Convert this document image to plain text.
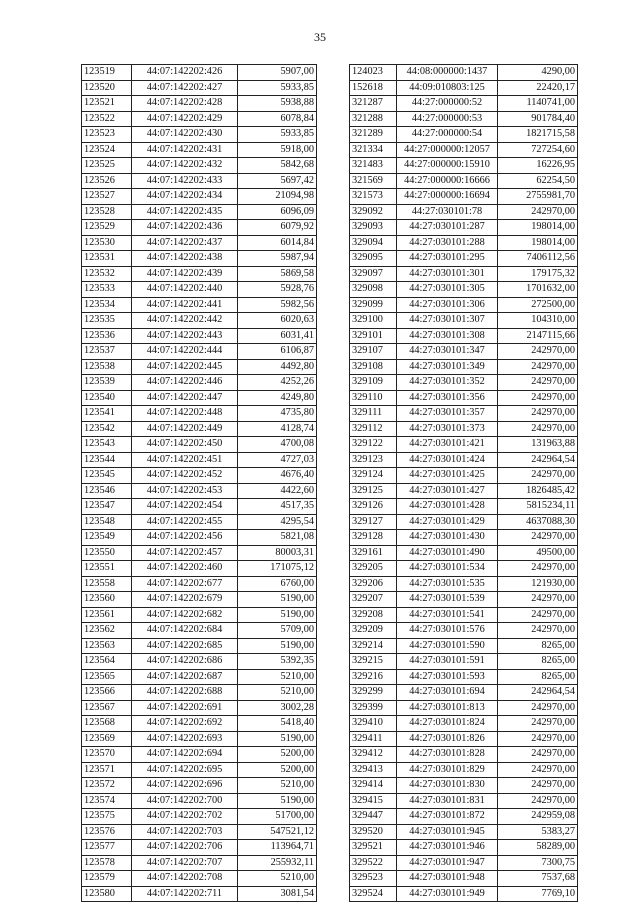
35
123519	44:07:142202:426	5907,00
123520	44:07:142202:427	5933,85
123521	44:07:142202:428	5938,88
123522	44:07:142202:429	6078,84
123523	44:07:142202:430	5933,85
123524	44:07:142202:431	5918,00
123525	44:07:142202:432	5842,68
123526	44:07:142202:433	5697,42
123527	44:07:142202:434	21094,98
123528	44:07:142202:435	6096,09
123529	44:07:142202:436	6079,92
123530	44:07:142202:437	6014,84
123531	44:07:142202:438	5987,94
123532	44:07:142202:439	5869,58
123533	44:07:142202:440	5928,76
123534	44:07:142202:441	5982,56
123535	44:07:142202:442	6020,63
123536	44:07:142202:443	6031,41
123537	44:07:142202:444	6106,87
123538	44:07:142202:445	4492,80
123539	44:07:142202:446	4252,26
123540	44:07:142202:447	4249,80
123541	44:07:142202:448	4735,80
123542	44:07:142202:449	4128,74
123543	44:07:142202:450	4700,08
123544	44:07:142202:451	4727,03
123545	44:07:142202:452	4676,40
123546	44:07:142202:453	4422,60
123547	44:07:142202:454	4517,35
123548	44:07:142202:455	4295,54
123549	44:07:142202:456	5821,08
123550	44:07:142202:457	80003,31
123551	44:07:142202:460	171075,12
123558	44:07:142202:677	6760,00
123560	44:07:142202:679	5190,00
123561	44:07:142202:682	5190,00
123562	44:07:142202:684	5709,00
123563	44:07:142202:685	5190,00
123564	44:07:142202:686	5392,35
123565	44:07:142202:687	5210,00
123566	44:07:142202:688	5210,00
123567	44:07:142202:691	3002,28
123568	44:07:142202:692	5418,40
123569	44:07:142202:693	5190,00
123570	44:07:142202:694	5200,00
123571	44:07:142202:695	5200,00
123572	44:07:142202:696	5210,00
123574	44:07:142202:700	5190,00
123575	44:07:142202:702	51700,00
123576	44:07:142202:703	547521,12
123577	44:07:142202:706	113964,71
123578	44:07:142202:707	255932,11
123579	44:07:142202:708	5210,00
123580	44:07:142202:711	3081,54
124023	44:08:000000:1437	4290,00
152618	44:09:010803:125	22420,17
321287	44:27:000000:52	1140741,00
321288	44:27:000000:53	901784,40
321289	44:27:000000:54	1821715,58
321334	44:27:000000:12057	727254,60
321483	44:27:000000:15910	16226,95
321569	44:27:000000:16666	62254,50
321573	44:27:000000:16694	2755981,70
329092	44:27:030101:78	242970,00
329093	44:27:030101:287	198014,00
329094	44:27:030101:288	198014,00
329095	44:27:030101:295	7406112,56
329097	44:27:030101:301	179175,32
329098	44:27:030101:305	1701632,00
329099	44:27:030101:306	272500,00
329100	44:27:030101:307	104310,00
329101	44:27:030101:308	2147115,66
329107	44:27:030101:347	242970,00
329108	44:27:030101:349	242970,00
329109	44:27:030101:352	242970,00
329110	44:27:030101:356	242970,00
329111	44:27:030101:357	242970,00
329112	44:27:030101:373	242970,00
329122	44:27:030101:421	131963,88
329123	44:27:030101:424	242964,54
329124	44:27:030101:425	242970,00
329125	44:27:030101:427	1826485,42
329126	44:27:030101:428	5815234,11
329127	44:27:030101:429	4637088,30
329128	44:27:030101:430	242970,00
329161	44:27:030101:490	49500,00
329205	44:27:030101:534	242970,00
329206	44:27:030101:535	121930,00
329207	44:27:030101:539	242970,00
329208	44:27:030101:541	242970,00
329209	44:27:030101:576	242970,00
329214	44:27:030101:590	8265,00
329215	44:27:030101:591	8265,00
329216	44:27:030101:593	8265,00
329299	44:27:030101:694	242964,54
329399	44:27:030101:813	242970,00
329410	44:27:030101:824	242970,00
329411	44:27:030101:826	242970,00
329412	44:27:030101:828	242970,00
329413	44:27:030101:829	242970,00
329414	44:27:030101:830	242970,00
329415	44:27:030101:831	242970,00
329447	44:27:030101:872	242959,08
329520	44:27:030101:945	5383,27
329521	44:27:030101:946	58289,00
329522	44:27:030101:947	7300,75
329523	44:27:030101:948	7537,68
329524	44:27:030101:949	7769,10
